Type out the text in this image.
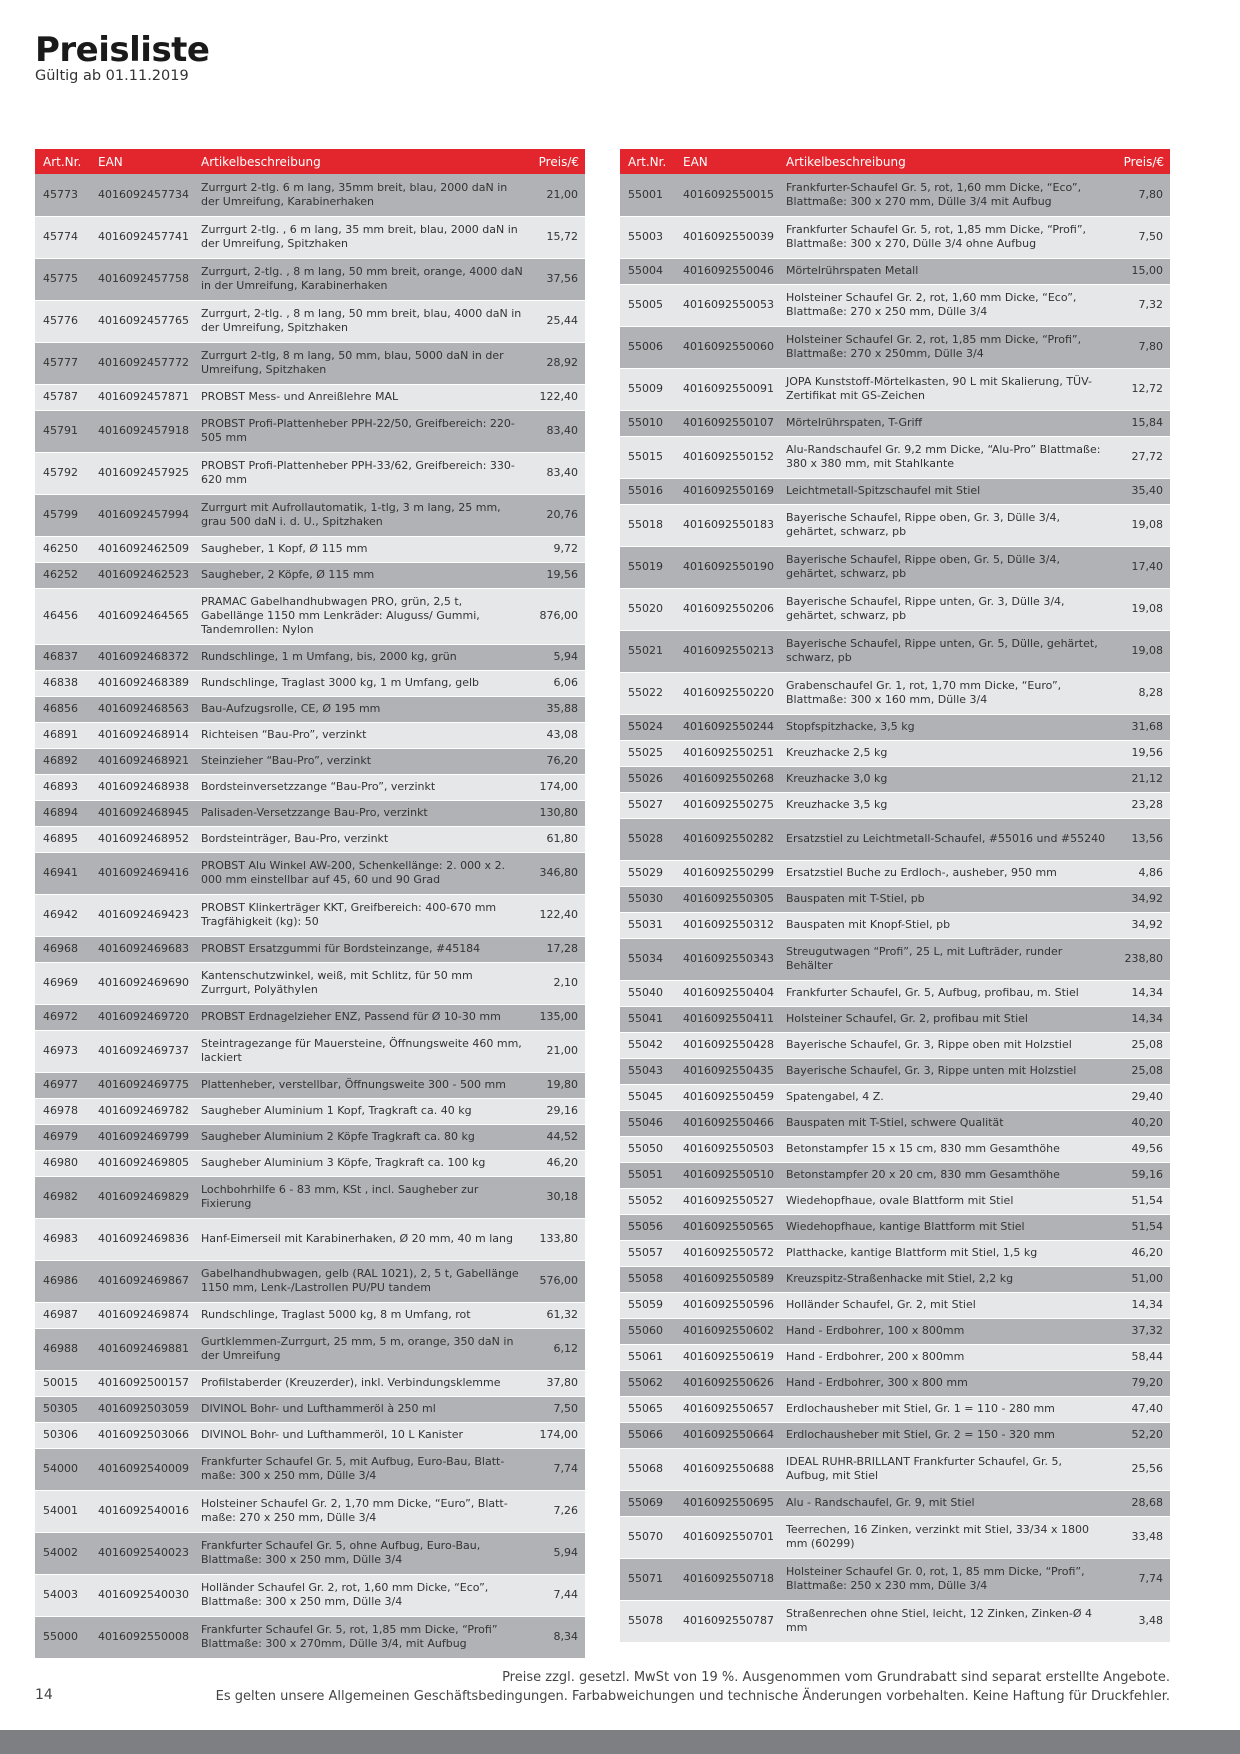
Preisliste
Gültig ab 01.11.2019
Art.Nr.	EAN	Artikelbeschreibung	Preis/€
45773	4016092457734	Zurrgurt 2-tlg. 6 m lang, 35mm breit, blau, 2000 daN in der Umreifung, Karabinerhaken	21,00
45774	4016092457741	Zurrgurt 2-tlg. , 6 m lang, 35 mm breit, blau, 2000 daN in der Umreifung, Spitzhaken	15,72
45775	4016092457758	Zurrgurt, 2-tlg. , 8 m lang, 50 mm breit, orange, 4000 daN in der Umreifung, Karabinerhaken	37,56
45776	4016092457765	Zurrgurt, 2-tlg. , 8 m lang, 50 mm breit, blau, 4000 daN in der Umreifung, Spitzhaken	25,44
45777	4016092457772	Zurrgurt 2-tlg, 8 m lang, 50 mm, blau, 5000 daN in der Umreifung, Spitzhaken	28,92
45787	4016092457871	PROBST Mess- und Anreißlehre MAL	122,40
45791	4016092457918	PROBST Profi-Plattenheber PPH-22/50, Greifbereich: 220-505 mm	83,40
45792	4016092457925	PROBST Profi-Plattenheber PPH-33/62, Greifbereich: 330-620 mm	83,40
45799	4016092457994	Zurrgurt mit Aufrollautomatik, 1-tlg, 3 m lang, 25 mm, grau 500 daN i. d. U., Spitzhaken	20,76
46250	4016092462509	Saugheber, 1 Kopf, Ø 115 mm	9,72
46252	4016092462523	Saugheber, 2 Köpfe, Ø 115 mm	19,56
46456	4016092464565	PRAMAC Gabelhandhubwagen PRO, grün, 2,5 t, Gabellänge 1150 mm Lenkräder: Aluguss/ Gummi, Tandemrollen: Nylon	876,00
46837	4016092468372	Rundschlinge, 1 m Umfang, bis, 2000 kg, grün	5,94
46838	4016092468389	Rundschlinge, Traglast 3000 kg, 1 m Umfang, gelb	6,06
46856	4016092468563	Bau-Aufzugsrolle, CE, Ø 195 mm	35,88
46891	4016092468914	Richteisen “Bau-Pro”, verzinkt	43,08
46892	4016092468921	Steinzieher “Bau-Pro”, verzinkt	76,20
46893	4016092468938	Bordsteinversetzzange “Bau-Pro”, verzinkt	174,00
46894	4016092468945	Palisaden-Versetzzange Bau-Pro, verzinkt	130,80
46895	4016092468952	Bordsteinträger, Bau-Pro, verzinkt	61,80
46941	4016092469416	PROBST Alu Winkel AW-200, Schenkellänge: 2. 000 x 2. 000 mm einstellbar auf 45, 60 und 90 Grad	346,80
46942	4016092469423	PROBST Klinkerträger KKT, Greifbereich: 400-670 mm Tragfähigkeit (kg): 50	122,40
46968	4016092469683	PROBST Ersatzgummi für Bordsteinzange, #45184	17,28
46969	4016092469690	Kantenschutzwinkel, weiß, mit Schlitz, für 50 mm Zurrgurt, Polyäthylen	2,10
46972	4016092469720	PROBST Erdnagelzieher ENZ, Passend für Ø 10-30 mm	135,00
46973	4016092469737	Steintragezange für Mauersteine, Öffnungsweite 460 mm, lackiert	21,00
46977	4016092469775	Plattenheber, verstellbar, Öffnungsweite 300 - 500 mm	19,80
46978	4016092469782	Saugheber Aluminium 1 Kopf, Tragkraft ca. 40 kg	29,16
46979	4016092469799	Saugheber Aluminium 2 Köpfe Tragkraft ca. 80 kg	44,52
46980	4016092469805	Saugheber Aluminium 3 Köpfe, Tragkraft ca. 100 kg	46,20
46982	4016092469829	Lochbohrhilfe 6 - 83 mm, KSt , incl. Saugheber zur Fixierung	30,18
46983	4016092469836	Hanf-Eimerseil mit Karabinerhaken, Ø 20 mm, 40 m lang	133,80
46986	4016092469867	Gabelhandhubwagen, gelb (RAL 1021), 2, 5 t, Gabellänge 1150 mm, Lenk-/Lastrollen PU/PU tandem	576,00
46987	4016092469874	Rundschlinge, Traglast 5000 kg, 8 m Umfang, rot	61,32
46988	4016092469881	Gurtklemmen-Zurrgurt, 25 mm, 5 m, orange, 350 daN in der Umreifung	6,12
50015	4016092500157	Profilstaberder (Kreuzerder), inkl. Verbindungsklemme	37,80
50305	4016092503059	DIVINOL Bohr- und Lufthammeröl à 250 ml	7,50
50306	4016092503066	DIVINOL Bohr- und Lufthammeröl, 10 L Kanister	174,00
54000	4016092540009	Frankfurter Schaufel Gr. 5, mit Aufbug, Euro-Bau, Blatt-maße: 300 x 250 mm, Dülle 3/4	7,74
54001	4016092540016	Holsteiner Schaufel Gr. 2, 1,70 mm Dicke, “Euro”, Blatt-maße: 270 x 250 mm, Dülle 3/4	7,26
54002	4016092540023	Frankfurter Schaufel Gr. 5, ohne Aufbug, Euro-Bau, Blattmaße: 300 x 250 mm, Dülle 3/4	5,94
54003	4016092540030	Holländer Schaufel Gr. 2, rot, 1,60 mm Dicke, “Eco”, Blattmaße: 300 x 250 mm, Dülle 3/4	7,44
55000	4016092550008	Frankfurter Schaufel Gr. 5, rot, 1,85 mm Dicke, “Profi” Blattmaße: 300 x 270mm, Dülle 3/4, mit Aufbug	8,34
Art.Nr.	EAN	Artikelbeschreibung	Preis/€
55001	4016092550015	Frankfurter-Schaufel Gr. 5, rot, 1,60 mm Dicke, “Eco”, Blattmaße: 300 x 270 mm, Dülle 3/4 mit Aufbug	7,80
55003	4016092550039	Frankfurter Schaufel Gr. 5, rot, 1,85 mm Dicke, “Profi”, Blattmaße: 300 x 270, Dülle 3/4 ohne Aufbug	7,50
55004	4016092550046	Mörtelrührspaten Metall	15,00
55005	4016092550053	Holsteiner Schaufel Gr. 2, rot, 1,60 mm Dicke, “Eco”, Blattmaße: 270 x 250 mm, Dülle 3/4	7,32
55006	4016092550060	Holsteiner Schaufel Gr. 2, rot, 1,85 mm Dicke, “Profi”, Blattmaße: 270 x 250mm, Dülle 3/4	7,80
55009	4016092550091	JOPA Kunststoff-Mörtelkasten, 90 L mit Skalierung, TÜV-Zertifikat mit GS-Zeichen	12,72
55010	4016092550107	Mörtelrührspaten, T-Griff	15,84
55015	4016092550152	Alu-Randschaufel Gr. 9,2 mm Dicke, “Alu-Pro” Blattmaße: 380 x 380 mm, mit Stahlkante	27,72
55016	4016092550169	Leichtmetall-Spitzschaufel mit Stiel	35,40
55018	4016092550183	Bayerische Schaufel, Rippe oben, Gr. 3, Dülle 3/4, gehärtet, schwarz, pb	19,08
55019	4016092550190	Bayerische Schaufel, Rippe oben, Gr. 5, Dülle 3/4, gehärtet, schwarz, pb	17,40
55020	4016092550206	Bayerische Schaufel, Rippe unten, Gr. 3, Dülle 3/4, gehärtet, schwarz, pb	19,08
55021	4016092550213	Bayerische Schaufel, Rippe unten, Gr. 5, Dülle, gehärtet, schwarz, pb	19,08
55022	4016092550220	Grabenschaufel Gr. 1, rot, 1,70 mm Dicke, “Euro”, Blattmaße: 300 x 160 mm, Dülle 3/4	8,28
55024	4016092550244	Stopfspitzhacke, 3,5 kg	31,68
55025	4016092550251	Kreuzhacke 2,5 kg	19,56
55026	4016092550268	Kreuzhacke 3,0 kg	21,12
55027	4016092550275	Kreuzhacke 3,5 kg	23,28
55028	4016092550282	Ersatzstiel zu Leichtmetall-Schaufel, #55016 und #55240	13,56
55029	4016092550299	Ersatzstiel Buche zu Erdloch-, ausheber, 950 mm	4,86
55030	4016092550305	Bauspaten mit T-Stiel, pb	34,92
55031	4016092550312	Bauspaten mit Knopf-Stiel, pb	34,92
55034	4016092550343	Streugutwagen “Profi”, 25 L, mit Lufträder, runder Behälter	238,80
55040	4016092550404	Frankfurter Schaufel, Gr. 5, Aufbug, profibau, m. Stiel	14,34
55041	4016092550411	Holsteiner Schaufel, Gr. 2, profibau mit Stiel	14,34
55042	4016092550428	Bayerische Schaufel, Gr. 3, Rippe oben mit Holzstiel	25,08
55043	4016092550435	Bayerische Schaufel, Gr. 3, Rippe unten mit Holzstiel	25,08
55045	4016092550459	Spatengabel, 4 Z.	29,40
55046	4016092550466	Bauspaten mit T-Stiel, schwere Qualität	40,20
55050	4016092550503	Betonstampfer 15 x 15 cm, 830 mm Gesamthöhe	49,56
55051	4016092550510	Betonstampfer 20 x 20 cm, 830 mm Gesamthöhe	59,16
55052	4016092550527	Wiedehopfhaue, ovale Blattform mit Stiel	51,54
55056	4016092550565	Wiedehopfhaue, kantige Blattform mit Stiel	51,54
55057	4016092550572	Platthacke, kantige Blattform mit Stiel, 1,5 kg	46,20
55058	4016092550589	Kreuzspitz-Straßenhacke mit Stiel, 2,2 kg	51,00
55059	4016092550596	Holländer Schaufel, Gr. 2, mit Stiel	14,34
55060	4016092550602	Hand - Erdbohrer, 100 x 800mm	37,32
55061	4016092550619	Hand - Erdbohrer, 200 x 800mm	58,44
55062	4016092550626	Hand - Erdbohrer, 300 x 800 mm	79,20
55065	4016092550657	Erdlochausheber mit Stiel, Gr. 1 = 110 - 280 mm	47,40
55066	4016092550664	Erdlochausheber mit Stiel, Gr. 2 = 150 - 320 mm	52,20
55068	4016092550688	IDEAL RUHR-BRILLANT Frankfurter Schaufel, Gr. 5, Aufbug, mit Stiel	25,56
55069	4016092550695	Alu - Randschaufel, Gr. 9, mit Stiel	28,68
55070	4016092550701	Teerrechen, 16 Zinken, verzinkt mit Stiel, 33/34 x 1800 mm (60299)	33,48
55071	4016092550718	Holsteiner Schaufel Gr. 0, rot, 1, 85 mm Dicke, “Profi”, Blattmaße: 250 x 230 mm, Dülle 3/4	7,74
55078	4016092550787	Straßenrechen ohne Stiel, leicht, 12 Zinken, Zinken-Ø 4 mm	3,48
Preise zzgl. gesetzl. MwSt von 19 %. Ausgenommen vom Grundrabatt sind separat erstellte Angebote.
Es gelten unsere Allgemeinen Geschäftsbedingungen. Farbabweichungen und technische Änderungen vorbehalten. Keine Haftung für Druckfehler.
14
